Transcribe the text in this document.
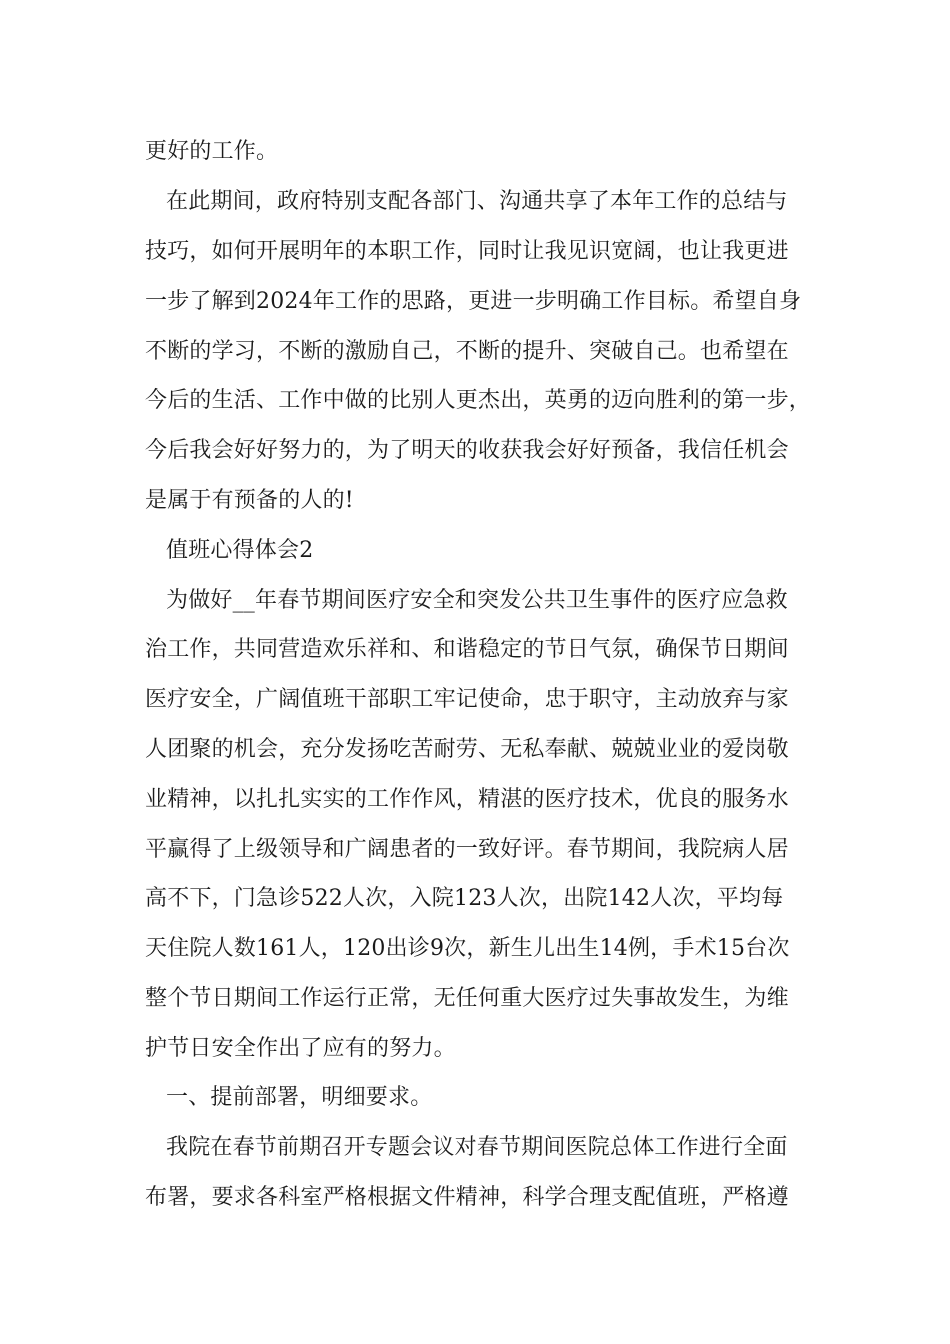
更好的工作。
在此期间，政府特别支配各部门、沟通共享了本年工作的总结与
技巧，如何开展明年的本职工作，同时让我见识宽阔，也让我更进
一步了解到2024年工作的思路，更进一步明确工作目标。希望自身
不断的学习，不断的激励自己，不断的提升、突破自己。也希望在
今后的生活、工作中做的比别人更杰出，英勇的迈向胜利的第一步，
今后我会好好努力的，为了明天的收获我会好好预备，我信任机会
是属于有预备的人的!
值班心得体会2
为做好__年春节期间医疗安全和突发公共卫生事件的医疗应急救
治工作，共同营造欢乐祥和、和谐稳定的节日气氛，确保节日期间
医疗安全，广阔值班干部职工牢记使命，忠于职守，主动放弃与家
人团聚的机会，充分发扬吃苦耐劳、无私奉献、兢兢业业的爱岗敬
业精神，以扎扎实实的工作作风，精湛的医疗技术，优良的服务水
平赢得了上级领导和广阔患者的一致好评。春节期间，我院病人居
高不下，门急诊522人次，入院123人次，出院142人次，平均每
天住院人数161人，120出诊9次，新生儿出生14例，手术15台次
整个节日期间工作运行正常，无任何重大医疗过失事故发生，为维
护节日安全作出了应有的努力。
一、提前部署，明细要求。
我院在春节前期召开专题会议对春节期间医院总体工作进行全面
布署，要求各科室严格根据文件精神，科学合理支配值班，严格遵
